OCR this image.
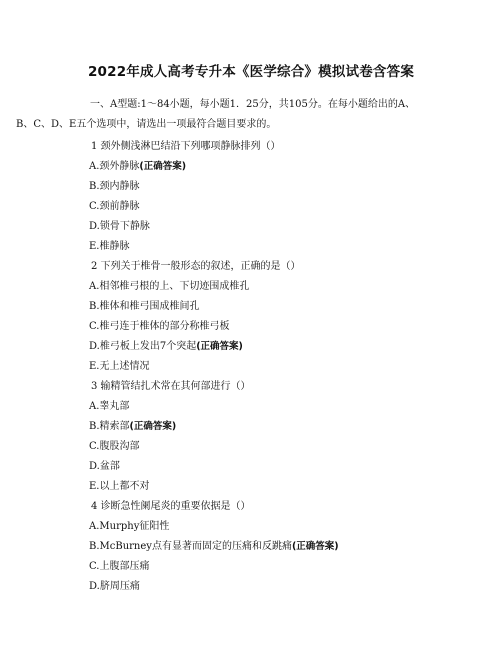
2022年成人高考专升本《医学综合》模拟试卷含答案
一、A型题:1～84小题，每小题1．25分，共105分。在每小题给出的A、
B、C、D、E五个选项中，请选出一项最符合题目要求的。
1 颈外侧浅淋巴结沿下列哪项静脉排列（）
A.颈外静脉(正确答案)
B.颈内静脉
C.颈前静脉
D.锁骨下静脉
E.椎静脉
2 下列关于椎骨一般形态的叙述，正确的是（）
A.相邻椎弓根的上、下切迹围成椎孔
B.椎体和椎弓围成椎间孔
C.椎弓连于椎体的部分称椎弓板
D.椎弓板上发出7个突起(正确答案)
E.无上述情况
3 输精管结扎术常在其何部进行（）
A.睾丸部
B.精索部(正确答案)
C.腹股沟部
D.盆部
E.以上都不对
4 诊断急性阑尾炎的重要依据是（）
A.Murphy征阳性
B.McBurney点有显著而固定的压痛和反跳痛(正确答案)
C.上腹部压痛
D.脐周压痛
